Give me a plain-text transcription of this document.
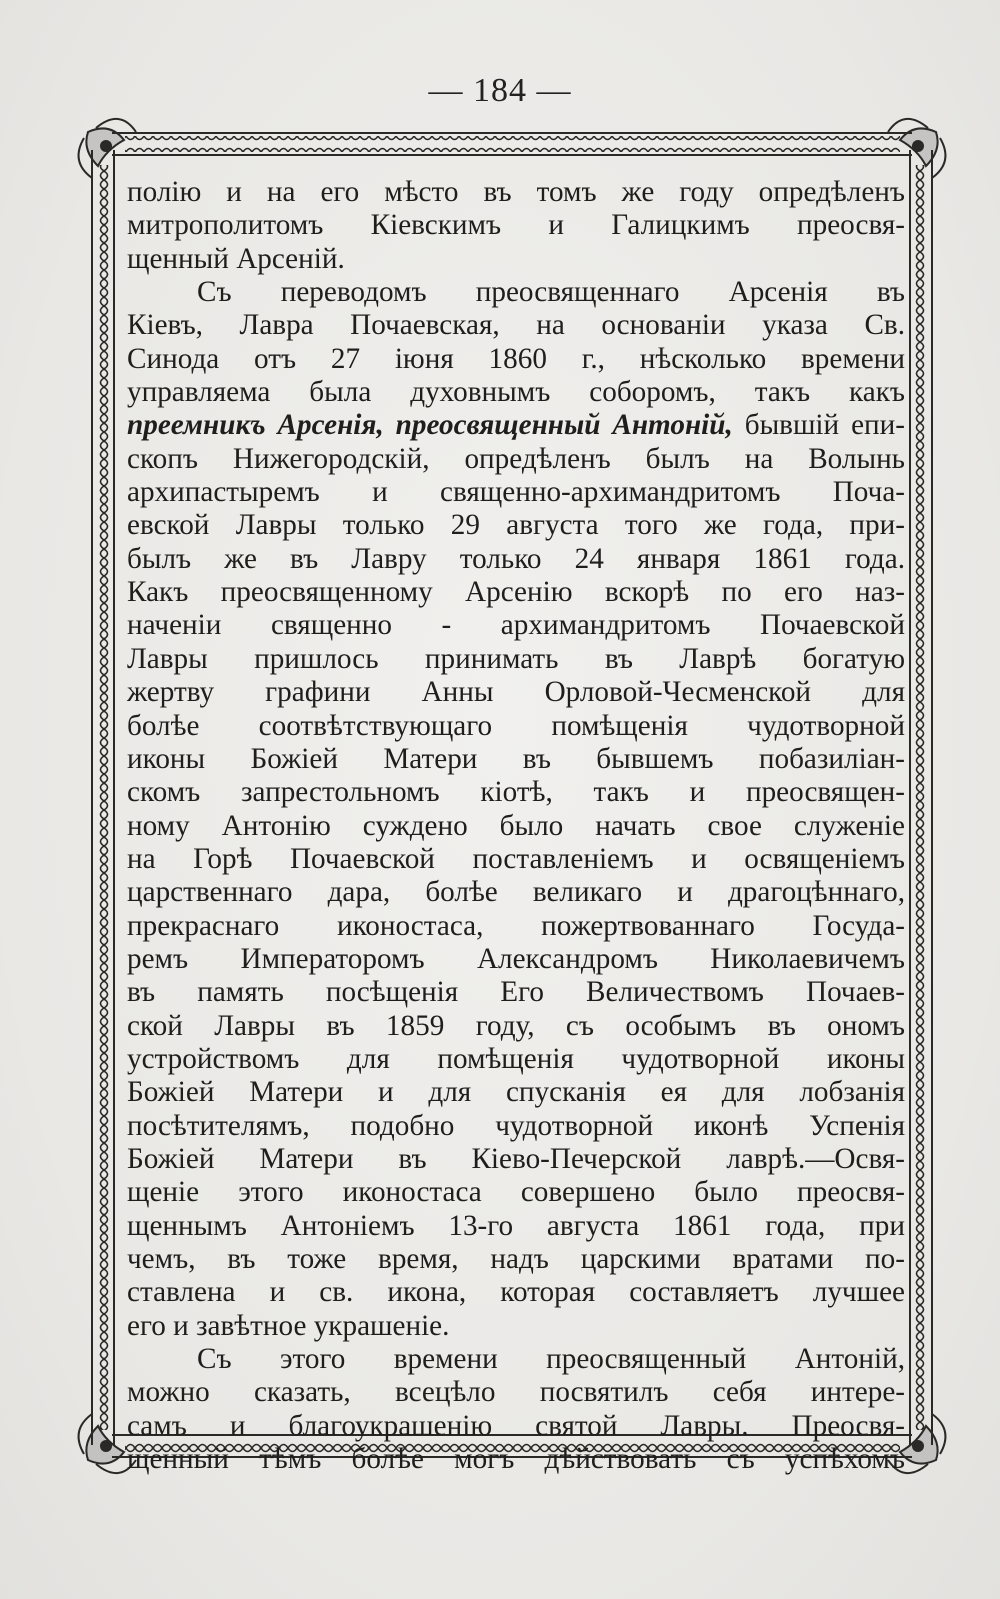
— 184 —
полію и на его мѣсто въ томъ же году опредѣленъ
митрополитомъ Кіевскимъ и Галицкимъ преосвя-
щенный Арсеній.
Съ переводомъ преосвященнаго Арсенія въ
Кіевъ, Лавра Почаевская, на основаніи указа Св.
Синода отъ 27 іюня 1860 г., нѣсколько времени
управляема была духовнымъ соборомъ, такъ какъ
преемникъ Арсенія, преосвященный Антоній, бывшій епи-
скопъ Нижегородскій, опредѣленъ былъ на Волынь
архипастыремъ и священно-архимандритомъ Поча-
евской Лавры только 29 августа того же года, при-
былъ же въ Лавру только 24 января 1861 года.
Какъ преосвященному Арсенію вскорѣ по его наз-
наченіи священно - архимандритомъ Почаевской
Лавры пришлось принимать въ Лаврѣ богатую
жертву графини Анны Орловой-Чесменской для
болѣе соотвѣтствующаго помѣщенія чудотворной
иконы Божіей Матери въ бывшемъ побазиліан-
скомъ запрестольномъ кіотѣ, такъ и преосвящен-
ному Антонію суждено было начать свое служеніе
на Горѣ Почаевской поставленіемъ и освященіемъ
царственнаго дара, болѣе великаго и драгоцѣннаго,
прекраснаго иконостаса, пожертвованнаго Госуда-
ремъ Императоромъ Александромъ Николаевичемъ
въ память посѣщенія Его Величествомъ Почаев-
ской Лавры въ 1859 году, съ особымъ въ ономъ
устройствомъ для помѣщенія чудотворной иконы
Божіей Матери и для спусканія ея для лобзанія
посѣтителямъ, подобно чудотворной иконѣ Успенія
Божіей Матери въ Кіево-Печерской лаврѣ.—Освя-
щеніе этого иконостаса совершено было преосвя-
щеннымъ Антоніемъ 13-го августа 1861 года, при
чемъ, въ тоже время, надъ царскими вратами по-
ставлена и св. икона, которая составляетъ лучшее
его и завѣтное украшеніе.
Съ этого времени преосвященный Антоній,
можно сказать, всецѣло посвятилъ себя интере-
самъ и благоукрашенію святой Лавры. Преосвя-
щенный тѣмъ болѣе могъ дѣйствовать съ успѣхомъ
